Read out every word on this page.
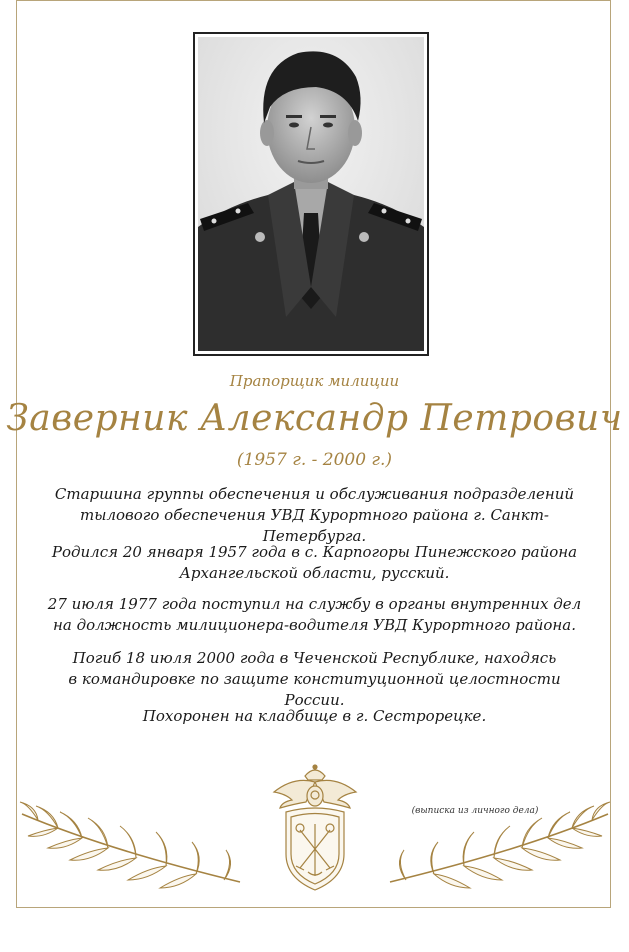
Прапорщик милиции
Заверник Александр Петрович
(1957 г. - 2000 г.)
Старшина группы обеспечения и обслуживания подразделений
тылового обеспечения УВД Курортного района г. Санкт-Петербурга.
Родился 20 января 1957 года в с. Карпогоры Пинежского района
Архангельской области, русский.
27 июля 1977 года поступил на службу в органы внутренних дел
на должность милиционера-водителя УВД Курортного района.
Погиб 18 июля 2000 года в Чеченской Республике, находясь
в командировке по защите конституционной целостности России.
Похоронен на кладбище в г. Сестрорецке.
(выписка из личного дела)
